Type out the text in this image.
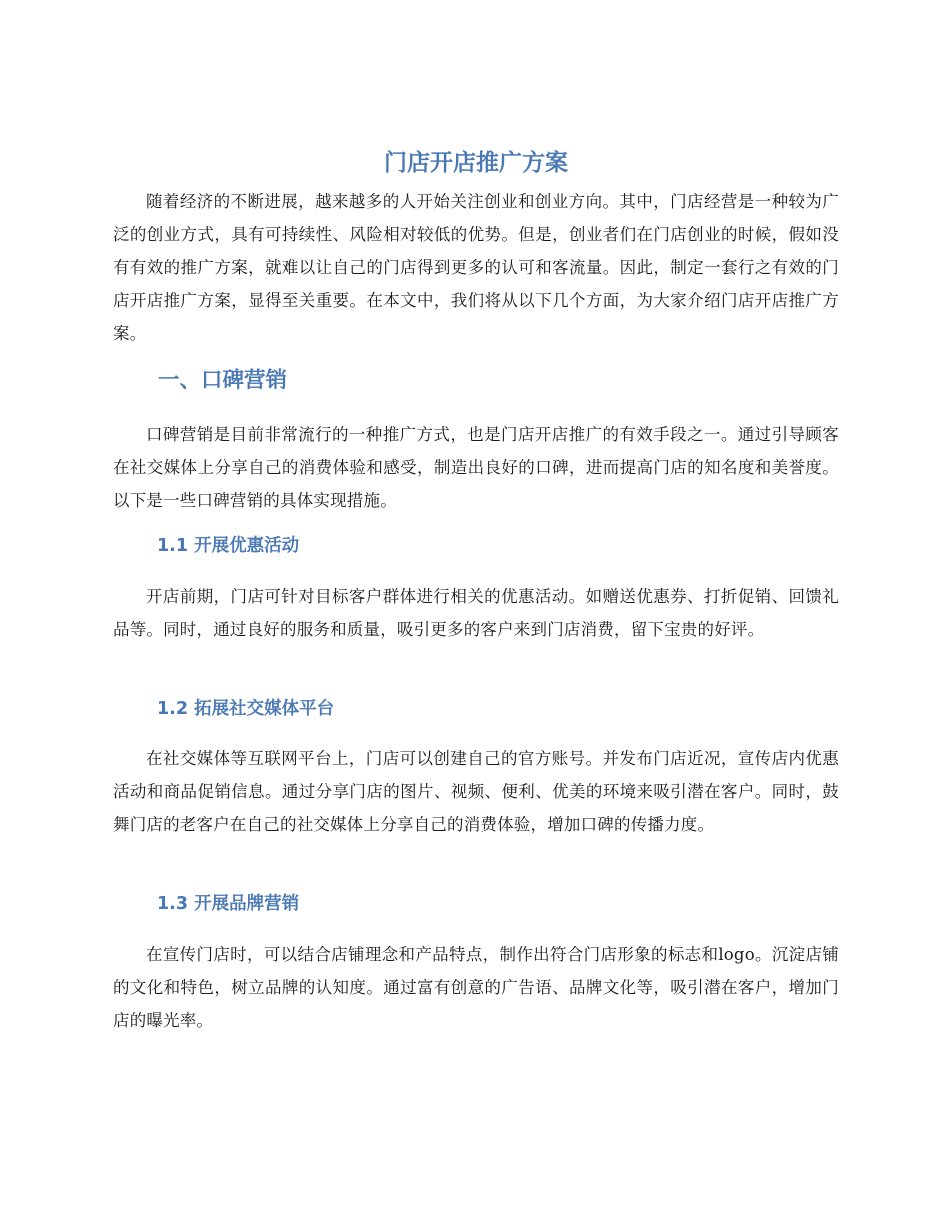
门店开店推广方案

随着经济的不断进展，越来越多的人开始关注创业和创业方向。其中，门店经营是一种较为广泛的创业方式，具有可持续性、风险相对较低的优势。但是，创业者们在门店创业的时候，假如没有有效的推广方案，就难以让自己的门店得到更多的认可和客流量。因此，制定一套行之有效的门店开店推广方案，显得至关重要。在本文中，我们将从以下几个方面，为大家介绍门店开店推广方案。

一、口碑营销

口碑营销是目前非常流行的一种推广方式，也是门店开店推广的有效手段之一。通过引导顾客在社交媒体上分享自己的消费体验和感受，制造出良好的口碑，进而提高门店的知名度和美誉度。以下是一些口碑营销的具体实现措施。

1.1 开展优惠活动

开店前期，门店可针对目标客户群体进行相关的优惠活动。如赠送优惠券、打折促销、回馈礼品等。同时，通过良好的服务和质量，吸引更多的客户来到门店消费，留下宝贵的好评。

1.2 拓展社交媒体平台

在社交媒体等互联网平台上，门店可以创建自己的官方账号。并发布门店近况，宣传店内优惠活动和商品促销信息。通过分享门店的图片、视频、便利、优美的环境来吸引潜在客户。同时，鼓舞门店的老客户在自己的社交媒体上分享自己的消费体验，增加口碑的传播力度。

1.3 开展品牌营销

在宣传门店时，可以结合店铺理念和产品特点，制作出符合门店形象的标志和logo。沉淀店铺的文化和特色，树立品牌的认知度。通过富有创意的广告语、品牌文化等，吸引潜在客户，增加门店的曝光率。
